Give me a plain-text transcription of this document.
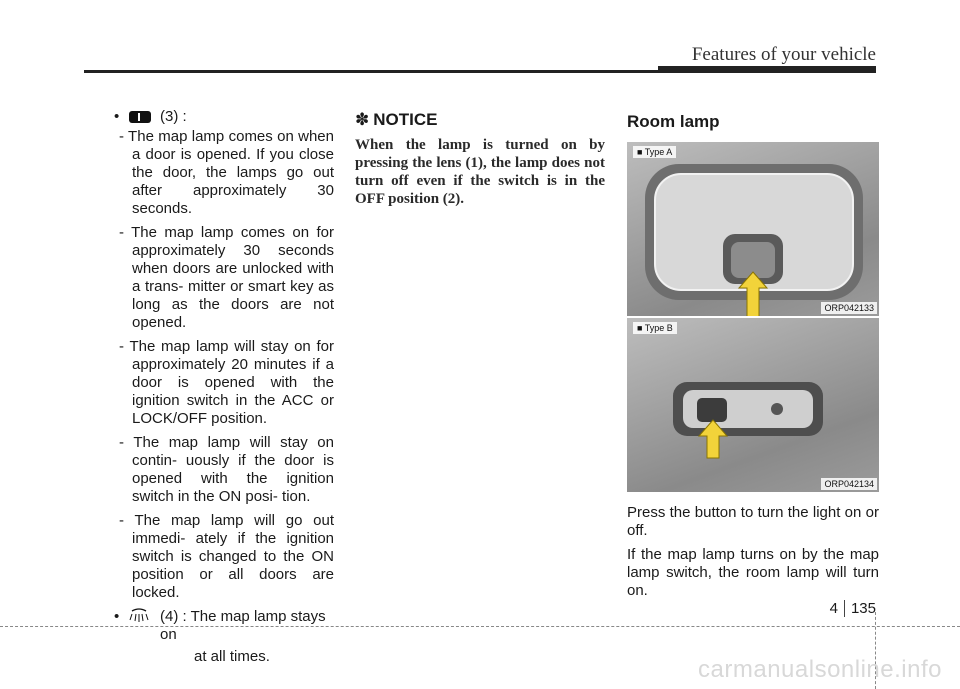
Features of your vehicle
•	(3) :
- The map lamp comes on when a door is opened. If you close the door, the lamps go out after approximately 30 seconds.
- The map lamp comes on for approximately 30 seconds when doors are unlocked with a trans- mitter or smart key as long as the doors are not opened.
- The map lamp will stay on for approximately 20 minutes if a door is opened with the ignition switch in the ACC or LOCK/OFF position.
- The map lamp will stay on contin- uously if the door is opened with the ignition switch in the ON posi- tion.
- The map lamp will go out immedi- ately if the ignition switch is changed to the ON position or all doors are locked.
•	(4) : The map lamp stays on
at all times.
✽ NOTICE
When the lamp is turned on by pressing the lens (1), the lamp does not turn off even if the switch is in the OFF position (2).
Room lamp
■ Type A
ORP042133
■ Type B
ORP042134
Press the button to turn the light on or off.
If the map lamp turns on by the map lamp switch, the room lamp will turn on.
4 135
carmanualsonline.info
